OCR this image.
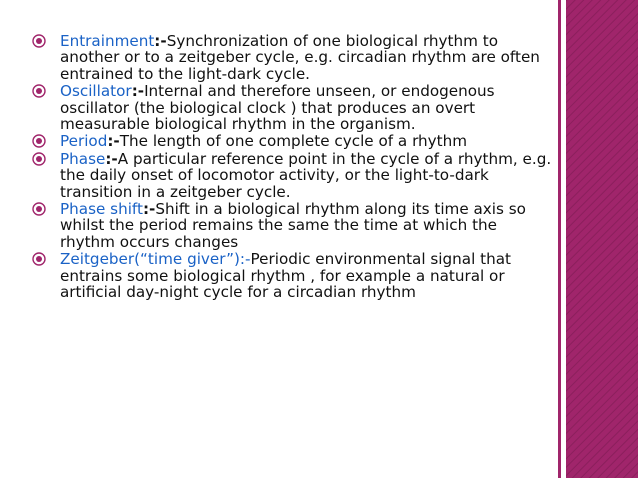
Entrainment:-Synchronization of one biological rhythm to another or to a zeitgeber cycle, e.g. circadian rhythm are often entrained to the light-dark cycle.
Oscillator:-Internal and therefore unseen, or endogenous oscillator (the biological clock ) that produces an overt measurable biological rhythm in the organism.
Period:-The length of one complete cycle of a rhythm
Phase:-A particular reference point in the cycle of a rhythm, e.g. the daily onset of locomotor activity, or the light-to-dark transition in a zeitgeber cycle.
Phase shift:-Shift in a biological rhythm along its time axis so whilst the period remains the same the time at which the rhythm occurs changes
Zeitgeber(“time giver”):-Periodic environmental signal that entrains some biological rhythm , for example a natural or artificial day-night cycle for a circadian rhythm
